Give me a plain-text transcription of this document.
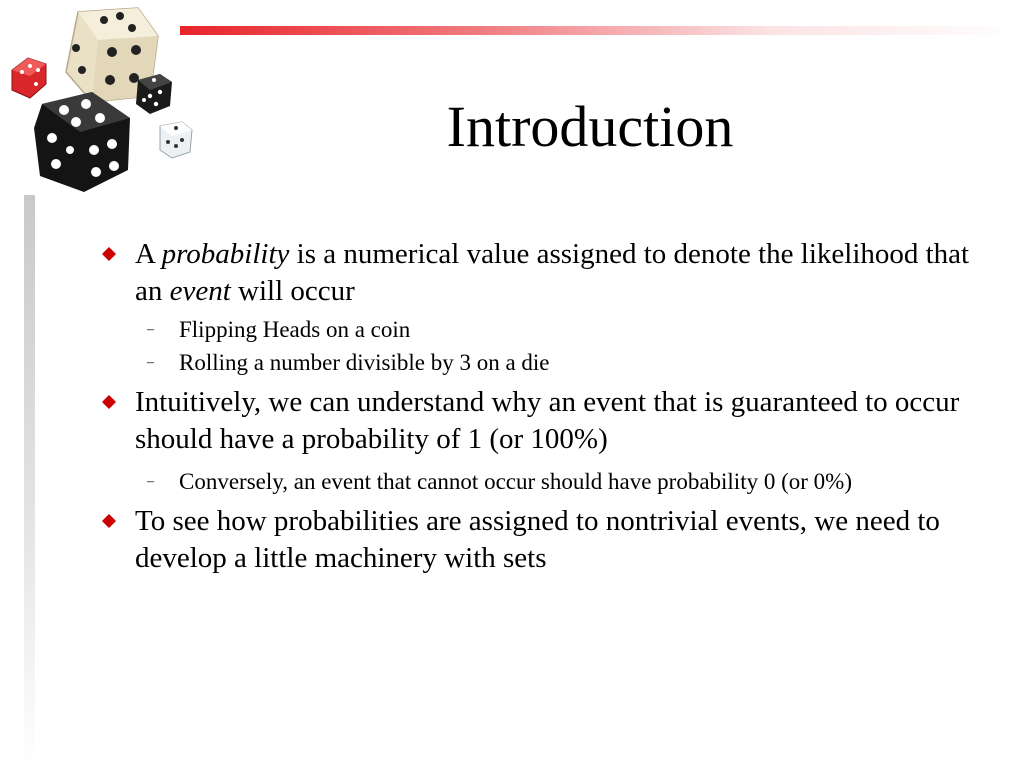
Introduction
A probability is a numerical value assigned to denote the likelihood that an event will occur
– Flipping Heads on a coin
– Rolling a number divisible by 3 on a die
Intuitively, we can understand why an event that is guaranteed to occur should have a probability of 1 (or 100%)
– Conversely, an event that cannot occur should have probability 0 (or 0%)
To see how probabilities are assigned to nontrivial events, we need to develop a little machinery with sets
